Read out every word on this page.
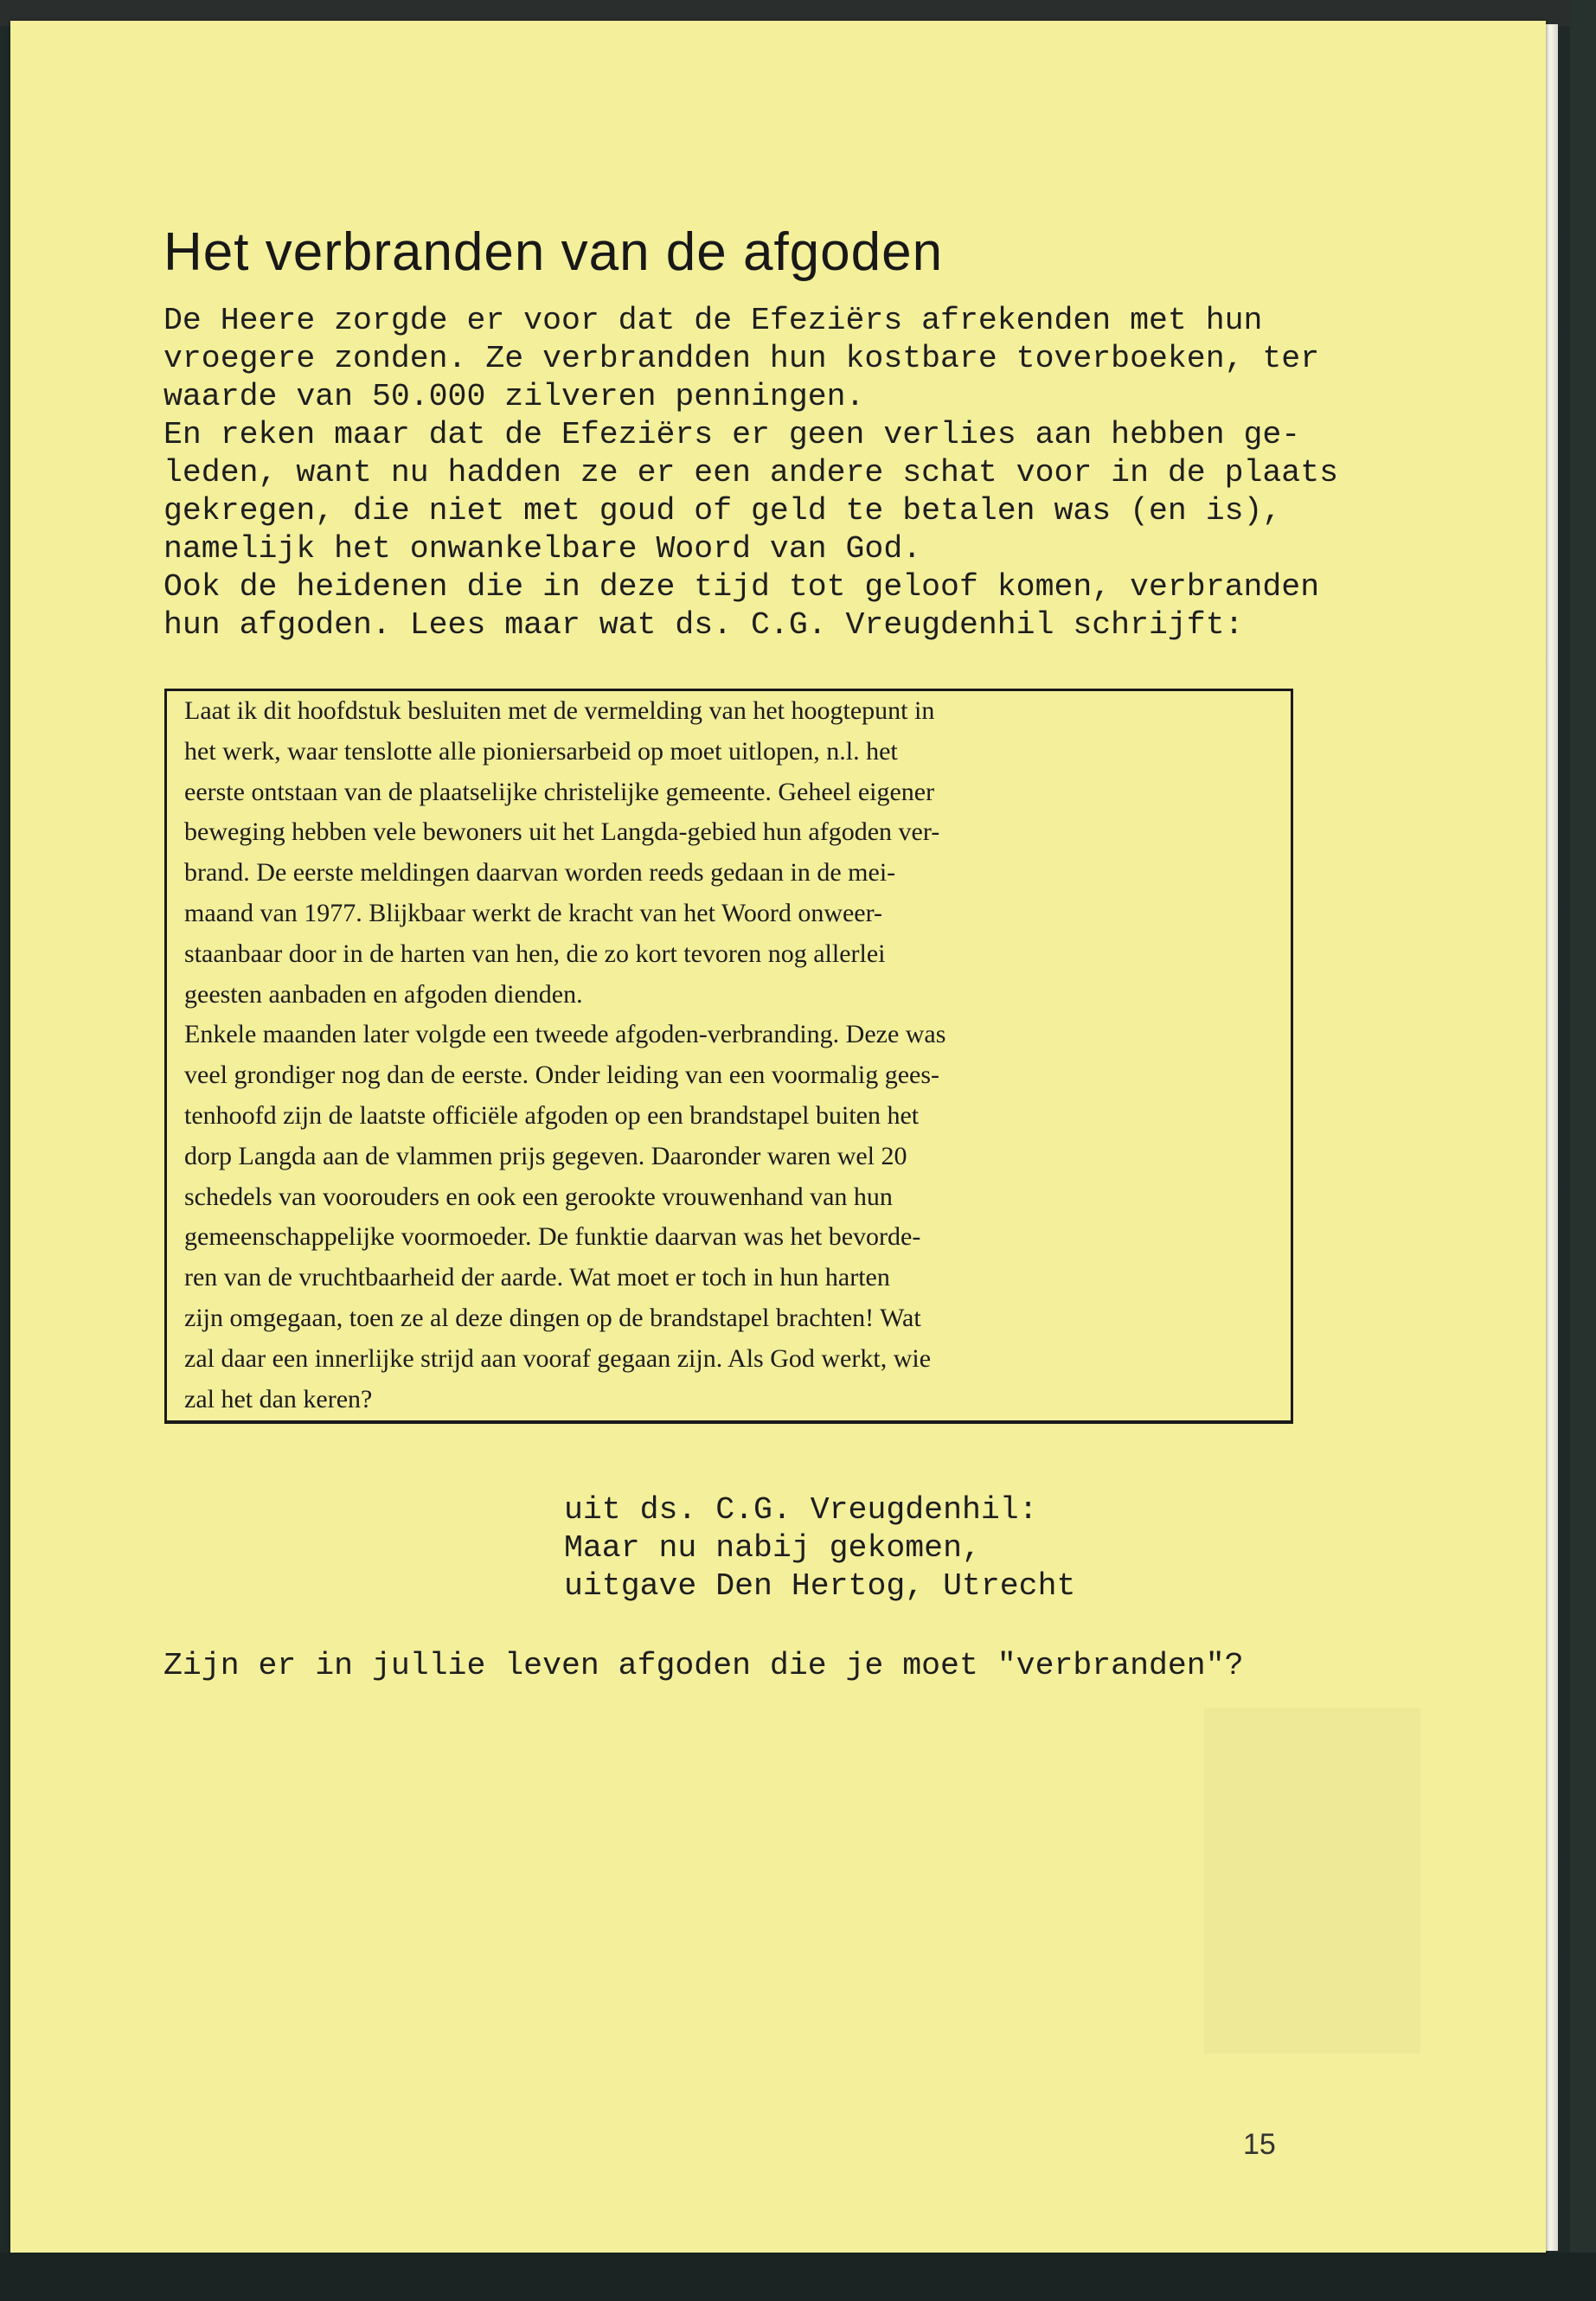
Het verbranden van de afgoden

De Heere zorgde er voor dat de Efeziërs afrekenden met hun

vroegere zonden. Ze verbrandden hun kostbare toverboeken, ter

waarde van 50.000 zilveren penningen.

En reken maar dat de Efeziërs er geen verlies aan hebben ge-

leden, want nu hadden ze er een andere schat voor in de plaats

gekregen, die niet met goud of geld te betalen was (en is),

namelijk het onwankelbare Woord van God.

Ook de heidenen die in deze tijd tot geloof komen, verbranden

hun afgoden. Lees maar wat ds. C.G. Vreugdenhil schrijft:

Laat ik dit hoofdstuk besluiten met de vermelding van het hoogtepunt in
het werk, waar tenslotte alle pioniersarbeid op moet uitlopen, n.l. het
eerste ontstaan van de plaatselijke christelijke gemeente. Geheel eigener
beweging hebben vele bewoners uit het Langda-gebied hun afgoden ver-
brand. De eerste meldingen daarvan worden reeds gedaan in de mei-
maand van 1977. Blijkbaar werkt de kracht van het Woord onweer-
staanbaar door in de harten van hen, die zo kort tevoren nog allerlei
geesten aanbaden en afgoden dienden.
Enkele maanden later volgde een tweede afgoden-verbranding. Deze was
veel grondiger nog dan de eerste. Onder leiding van een voormalig gees-
tenhoofd zijn de laatste officiële afgoden op een brandstapel buiten het
dorp Langda aan de vlammen prijs gegeven. Daaronder waren wel 20
schedels van voorouders en ook een gerookte vrouwenhand van hun
gemeenschappelijke voormoeder. De funktie daarvan was het bevorde-
ren van de vruchtbaarheid der aarde. Wat moet er toch in hun harten
zijn omgegaan, toen ze al deze dingen op de brandstapel brachten! Wat
zal daar een innerlijke strijd aan vooraf gegaan zijn. Als God werkt, wie
zal het dan keren?

uit ds. C.G. Vreugdenhil:

Maar nu nabij gekomen,

uitgave Den Hertog, Utrecht

Zijn er in jullie leven afgoden die je moet "verbranden"?
15
